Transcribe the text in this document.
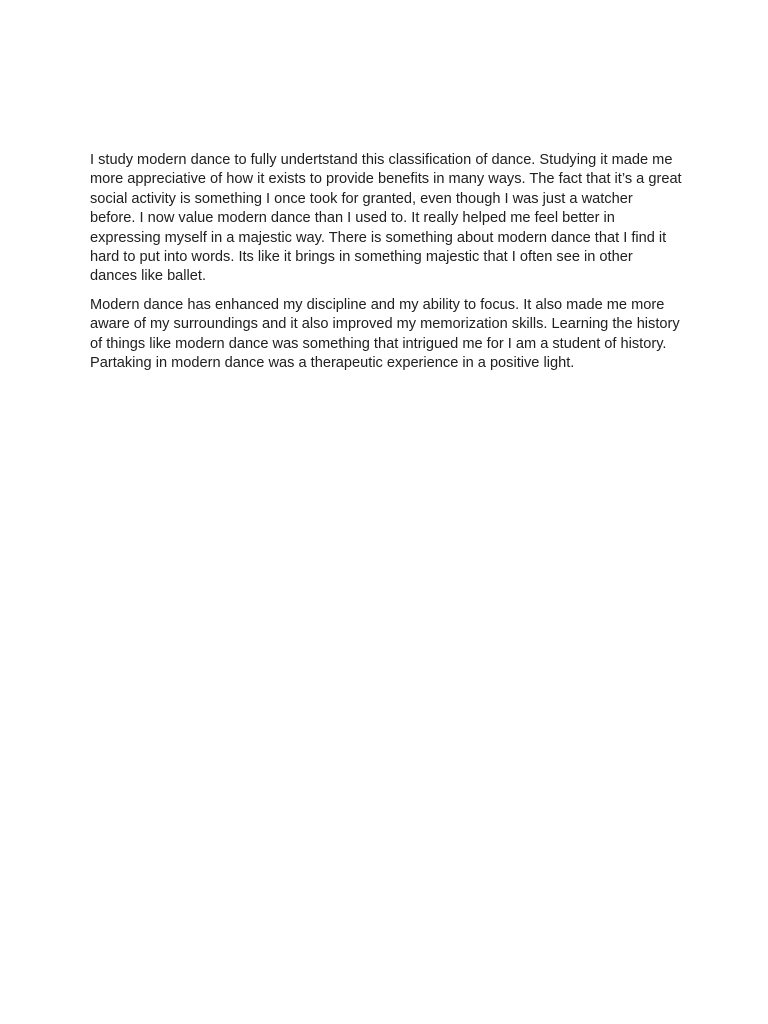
I study modern dance to fully undertstand this classification of dance. Studying it made me more appreciative of how it exists to provide benefits in many ways. The fact that it’s a great social activity is something I once took for granted, even though I was just a watcher before. I now value modern dance than I used to. It really helped me feel better in expressing myself in a majestic way. There is something about modern dance that I find it hard to put into words. Its like it brings in something majestic that I often see in other dances like ballet.

Modern dance has enhanced my discipline and my ability to focus. It also made me more aware of my surroundings and it also improved my memorization skills. Learning the history of things like modern dance was something that intrigued me for I am a student of history. Partaking in modern dance was a therapeutic experience in a positive light.
